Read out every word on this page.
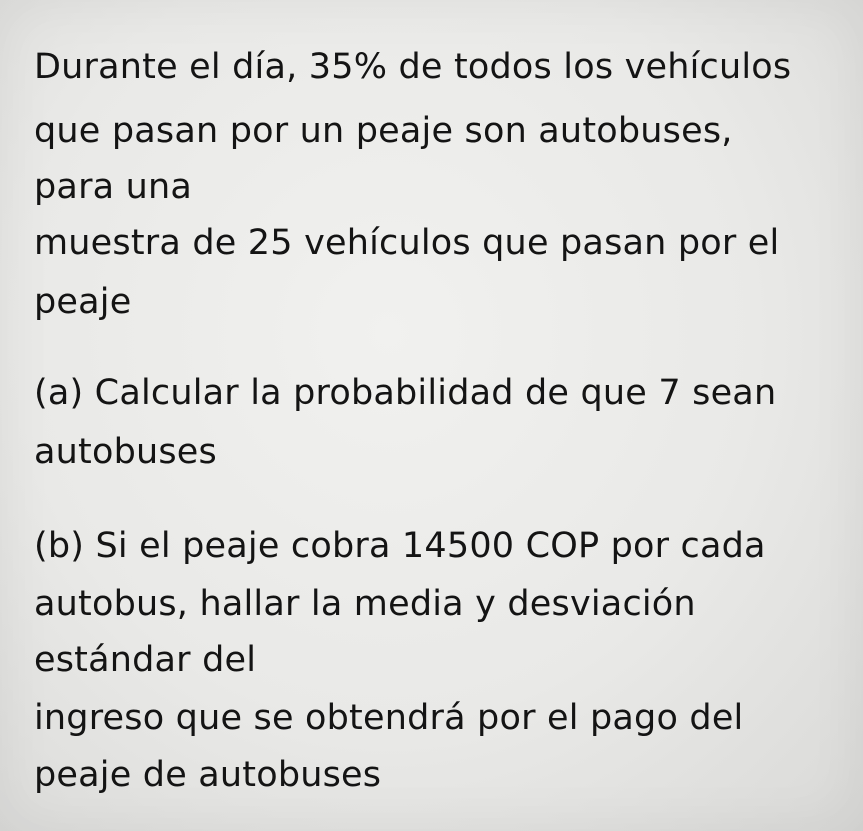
Durante el día, 35% de todos los vehículos

que pasan por un peaje son autobuses,

para una

muestra de 25 vehículos que pasan por el

peaje

(a) Calcular la probabilidad de que 7 sean

autobuses

(b) Si el peaje cobra 14500 COP por cada

autobus, hallar la media y desviación

estándar del

ingreso que se obtendrá por el pago del

peaje de autobuses
